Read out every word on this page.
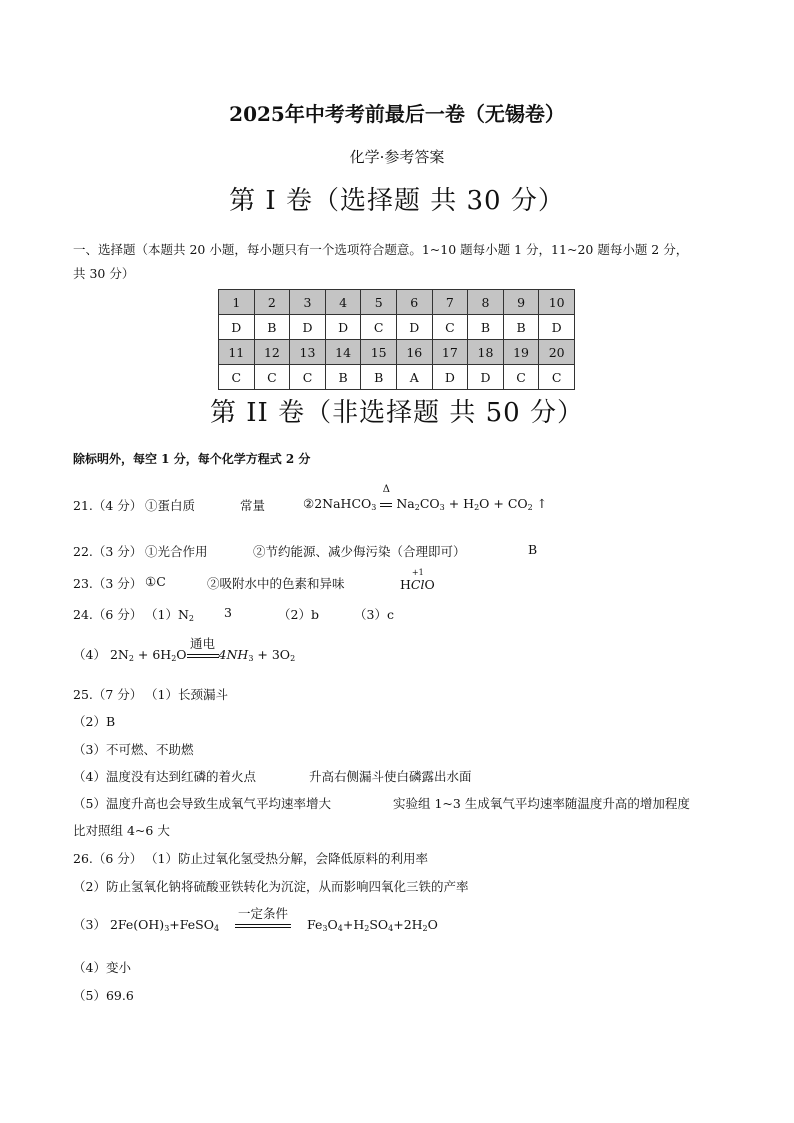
2025年中考考前最后一卷（无锡卷）
化学·参考答案
第 I 卷（选择题 共 30 分）
一、选择题（本题共 20 小题，每小题只有一个选项符合题意。1~10 题每小题 1 分，11~20 题每小题 2 分，
共 30 分）
1	2	3	4	5	6	7	8	9	10
D	B	D	D	C	D	C	B	B	D
11	12	13	14	15	16	17	18	19	20
C	C	C	B	B	A	D	D	C	C
第 II 卷（非选择题 共 50 分）
除标明外，每空 1 分，每个化学方程式 2 分
21.（4 分） ①蛋白质	常量	②2NaHCO$_3$
Δ
$Na_2CO_3 + H_2O + CO_2$ ↑
22.（3 分） ①光合作用	②节约能源、减少侮污染（合理即可）	B
23.（3 分） ①C	②吸附水中的色素和异味	H
+1
ClO
24.（6 分） $(1)N_2$ 3	（2）b	（3）c
（4） $2N_2 + 6H_2O$
通电
$4NH_3 + 3O_2$
25.（7 分） （1）长颈漏斗
（2）B
（3）不可燃、不助燃
（4）温度没有达到红磷的着火点	升高右侧漏斗使白磷露出水面
（5）温度升高也会导致生成氧气平均速率增大	实验组 1~3 生成氧气平均速率随温度升高的增加程度
比对照组 4~6 大
26.（6 分） （1）防止过氧化氢受热分解，会降低原料的利用率
（2）防止氢氧化钠将硫酸亚铁转化为沉淀，从而影响四氧化三铁的产率
（3） $2Fe(OH)_3+FeSO_4$
一定条件
$Fe_3O_4+H_2SO_4+2H_2O$
（4）变小
（5）69.6
